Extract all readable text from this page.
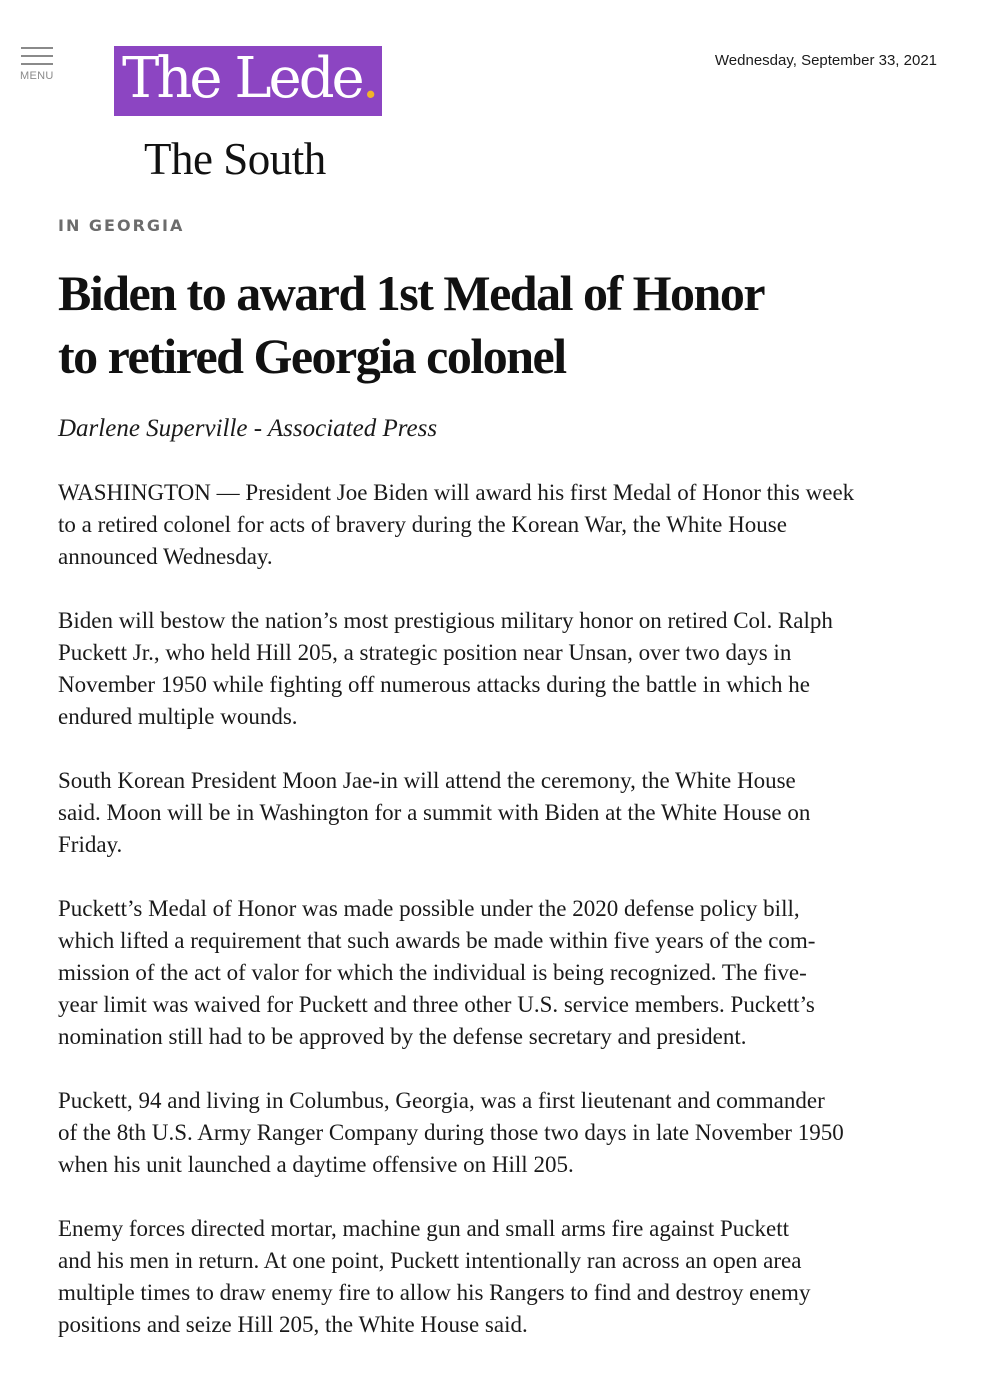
MENU The Lede.
The South
Wednesday, September 33, 2021
IN GEORGIA
Biden to award 1st Medal of Honor
to retired Georgia colonel
Darlene Superville - Associated Press

WASHINGTON — President Joe Biden will award his first Medal of Honor this week
to a retired colonel for acts of bravery during the Korean War, the White House
announced Wednesday.

Biden will bestow the nation’s most prestigious military honor on retired Col. Ralph
Puckett Jr., who held Hill 205, a strategic position near Unsan, over two days in
November 1950 while fighting off numerous attacks during the battle in which he
endured multiple wounds.

South Korean President Moon Jae-in will attend the ceremony, the White House
said. Moon will be in Washington for a summit with Biden at the White House on
Friday.

Puckett’s Medal of Honor was made possible under the 2020 defense policy bill,
which lifted a requirement that such awards be made within five years of the com-
mission of the act of valor for which the individual is being recognized. The five-
year limit was waived for Puckett and three other U.S. service members. Puckett’s
nomination still had to be approved by the defense secretary and president.

Puckett, 94 and living in Columbus, Georgia, was a first lieutenant and commander
of the 8th U.S. Army Ranger Company during those two days in late November 1950
when his unit launched a daytime offensive on Hill 205.

Enemy forces directed mortar, machine gun and small arms fire against Puckett
and his men in return. At one point, Puckett intentionally ran across an open area
multiple times to draw enemy fire to allow his Rangers to find and destroy enemy
positions and seize Hill 205, the White House said.
